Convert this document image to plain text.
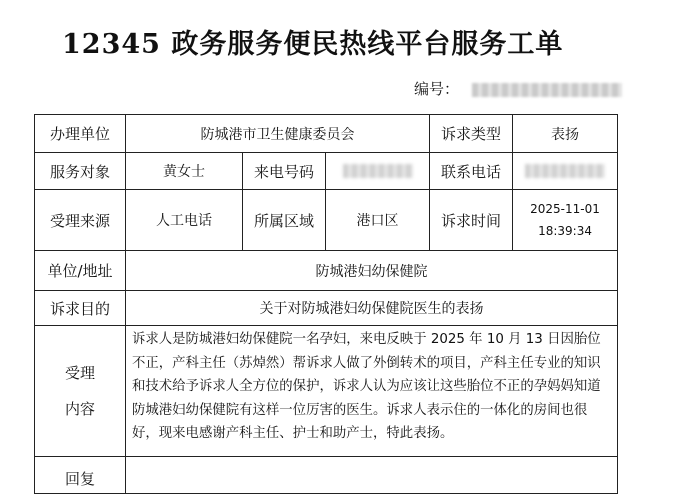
12345 政务服务便民热线平台服务工单
编号：
办理单位	防城港市卫生健康委员会			诉求类型	表扬
服务对象	黄女士	来电号码		联系电话	
受理来源	人工电话	所属区域	港口区	诉求时间	2025-11-01
18:39:34

单位/地址	防城港妇幼保健院				
诉求目的	关于对防城港妇幼保健院医生的表扬				

受理
内容	诉求人是防城港妇幼保健院一名孕妇，来电反映于 2025 年 10 月 13 日因胎位不正，产科主任（苏焯然）帮诉求人做了外倒转术的项目，产科主任专业的知识和技术给予诉求人全方位的保护，诉求人认为应该让这些胎位不正的孕妈妈知道防城港妇幼保健院有这样一位厉害的医生。诉求人表示住的一体化的房间也很好，现来电感谢产科主任、护士和助产士，特此表扬。				
回复					
